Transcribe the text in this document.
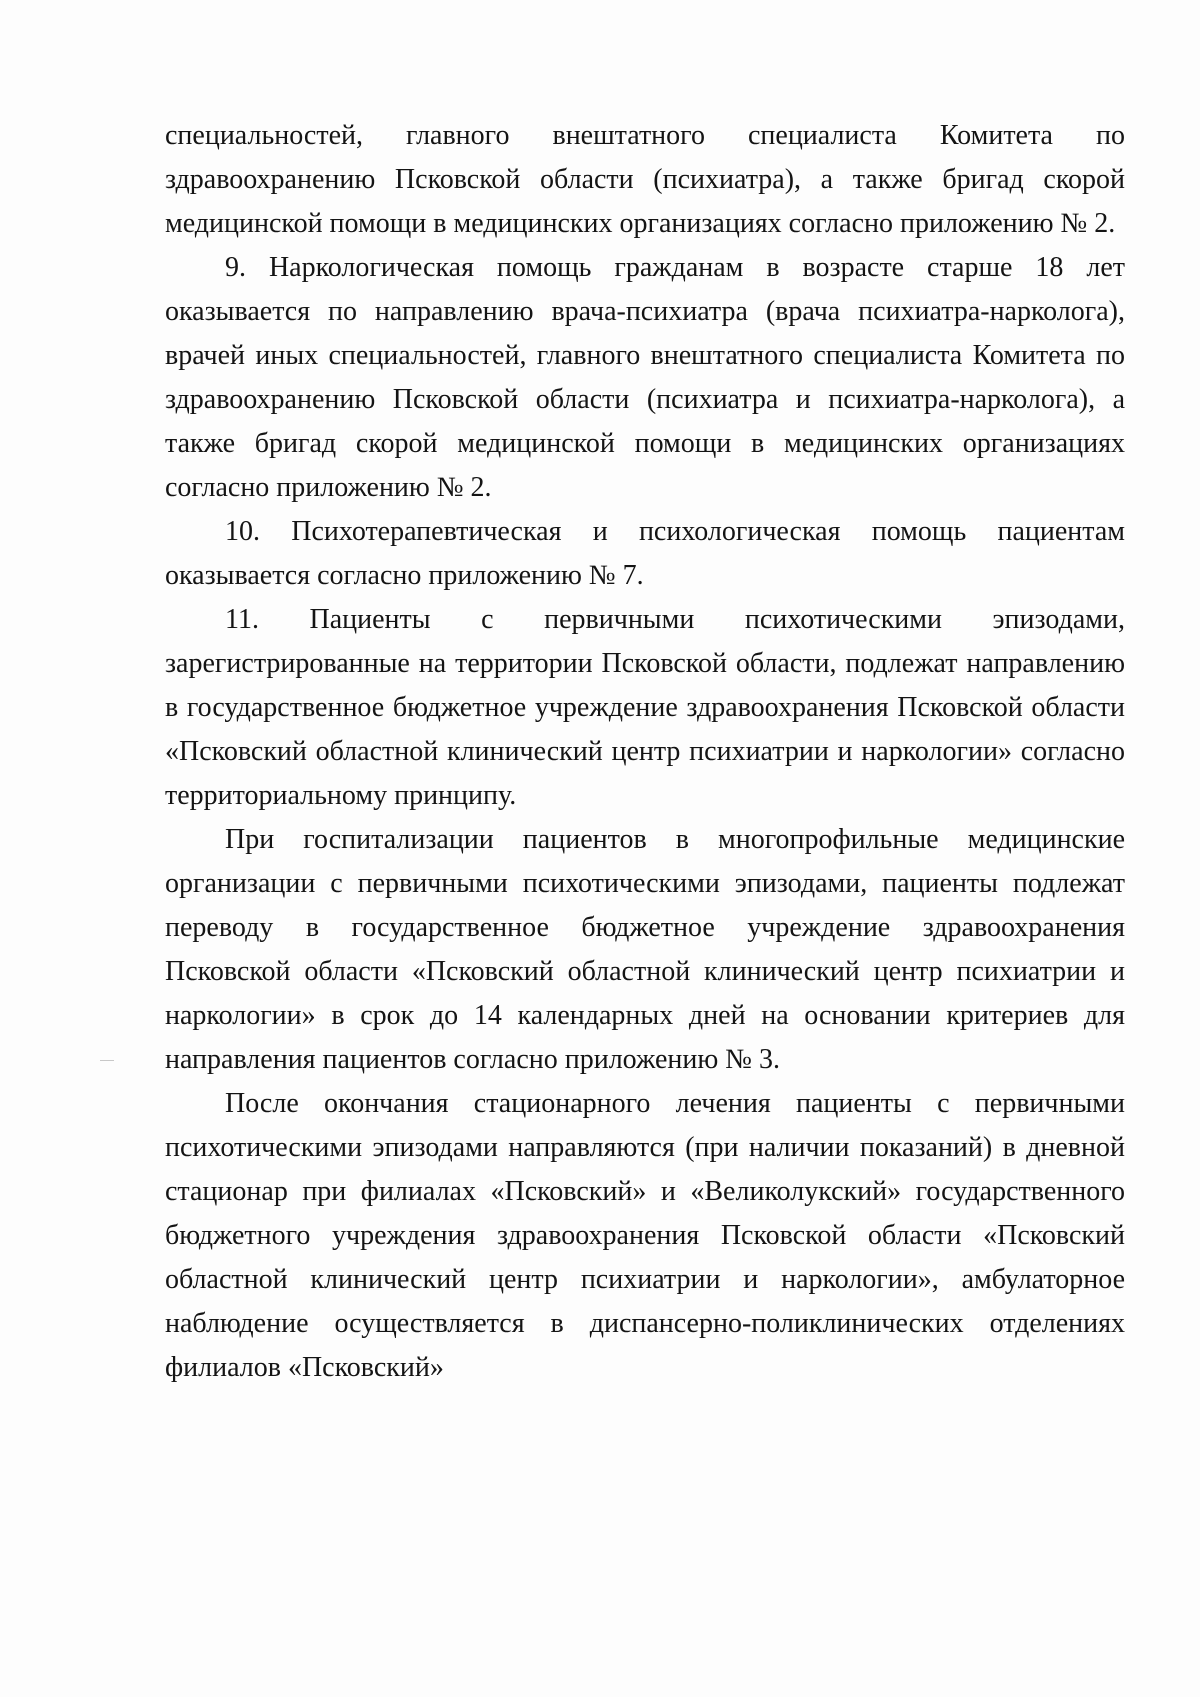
специальностей, главного внештатного специалиста Комитета по здравоохранению Псковской области (психиатра), а также бригад скорой медицинской помощи в медицинских организациях согласно приложению № 2.

9. Наркологическая помощь гражданам в возрасте старше 18 лет оказывается по направлению врача-психиатра (врача психиатра-нарколога), врачей иных специальностей, главного внештатного специалиста Комитета по здравоохранению Псковской области (психиатра и психиатра-нарколога), а также бригад скорой медицинской помощи в медицинских организациях согласно приложению № 2.

10. Психотерапевтическая и психологическая помощь пациентам оказывается согласно приложению № 7.

11. Пациенты с первичными психотическими эпизодами, зарегистрированные на территории Псковской области, подлежат направлению в государственное бюджетное учреждение здравоохранения Псковской области «Псковский областной клинический центр психиатрии и наркологии» согласно территориальному принципу.

При госпитализации пациентов в многопрофильные медицинские организации с первичными психотическими эпизодами, пациенты подлежат переводу в государственное бюджетное учреждение здравоохранения Псковской области «Псковский областной клинический центр психиатрии и наркологии» в срок до 14 календарных дней на основании критериев для направления пациентов согласно приложению № 3.

После окончания стационарного лечения пациенты с первичными психотическими эпизодами направляются (при наличии показаний) в дневной стационар при филиалах «Псковский» и «Великолукский» государственного бюджетного учреждения здравоохранения Псковской области «Псковский областной клинический центр психиатрии и наркологии», амбулаторное наблюдение осуществляется в диспансерно-поликлинических отделениях филиалов «Псковский»
